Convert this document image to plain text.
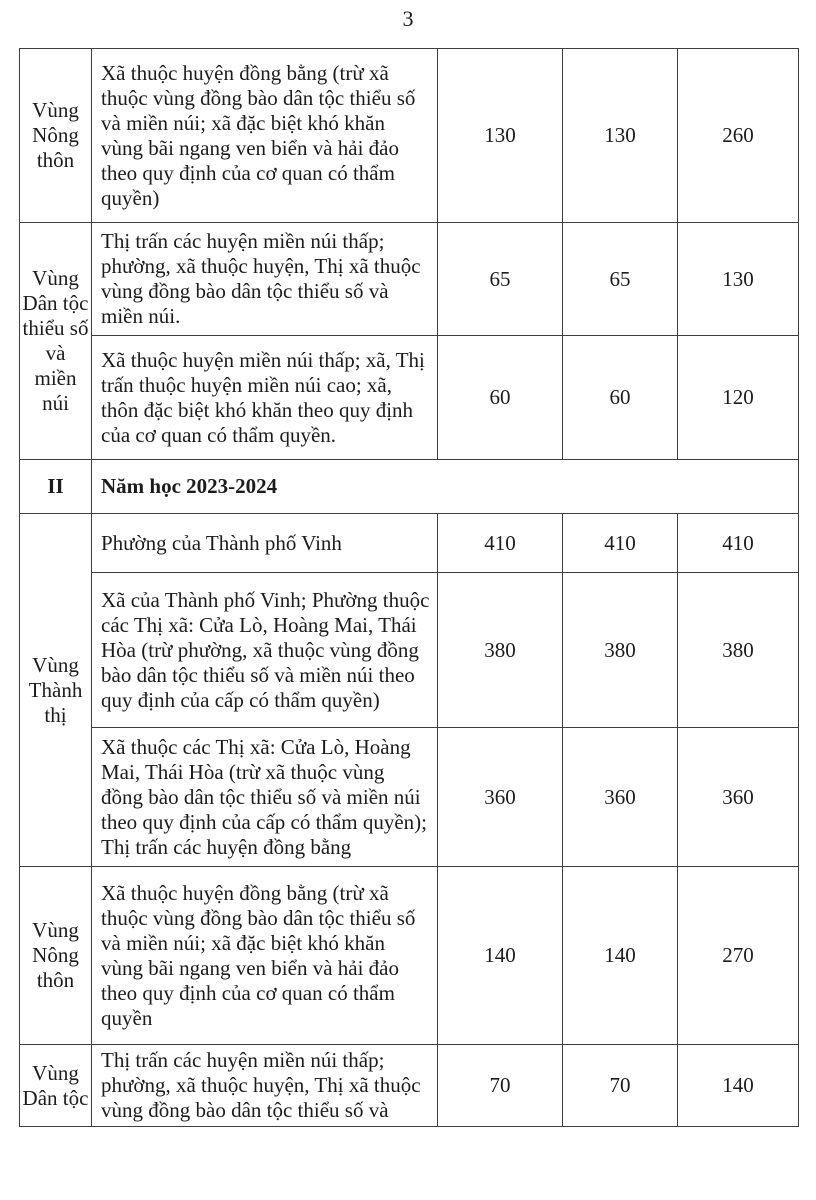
3
Vùng Nông thôn	Xã thuộc huyện đồng bằng (trừ xã thuộc vùng đồng bào dân tộc thiểu số và miền núi; xã đặc biệt khó khăn vùng bãi ngang ven biển và hải đảo theo quy định của cơ quan có thẩm quyền)	130	130	260
Vùng Dân tộc thiểu số và miền núi	Thị trấn các huyện miền núi thấp; phường, xã thuộc huyện, Thị xã thuộc vùng đồng bào dân tộc thiểu số và miền núi.	65	65	130
	Xã thuộc huyện miền núi thấp; xã, Thị trấn thuộc huyện miền núi cao; xã, thôn đặc biệt khó khăn theo quy định của cơ quan có thẩm quyền.	60	60	120
II	Năm học 2023-2024			
Vùng Thành thị	Phường của Thành phố Vinh	410	410	410
	Xã của Thành phố Vinh; Phường thuộc các Thị xã: Cửa Lò, Hoàng Mai, Thái Hòa (trừ phường, xã thuộc vùng đồng bào dân tộc thiểu số và miền núi theo quy định của cấp có thẩm quyền)	380	380	380
	Xã thuộc các Thị xã: Cửa Lò, Hoàng Mai, Thái Hòa (trừ xã thuộc vùng đồng bào dân tộc thiểu số và miền núi theo quy định của cấp có thẩm quyền); Thị trấn các huyện đồng bằng	360	360	360
Vùng Nông thôn	Xã thuộc huyện đồng bằng (trừ xã thuộc vùng đồng bào dân tộc thiểu số và miền núi; xã đặc biệt khó khăn vùng bãi ngang ven biển và hải đảo theo quy định của cơ quan có thẩm quyền	140	140	270
Vùng Dân tộc	Thị trấn các huyện miền núi thấp; phường, xã thuộc huyện, Thị xã thuộc vùng đồng bào dân tộc thiểu số và	70	70	140
